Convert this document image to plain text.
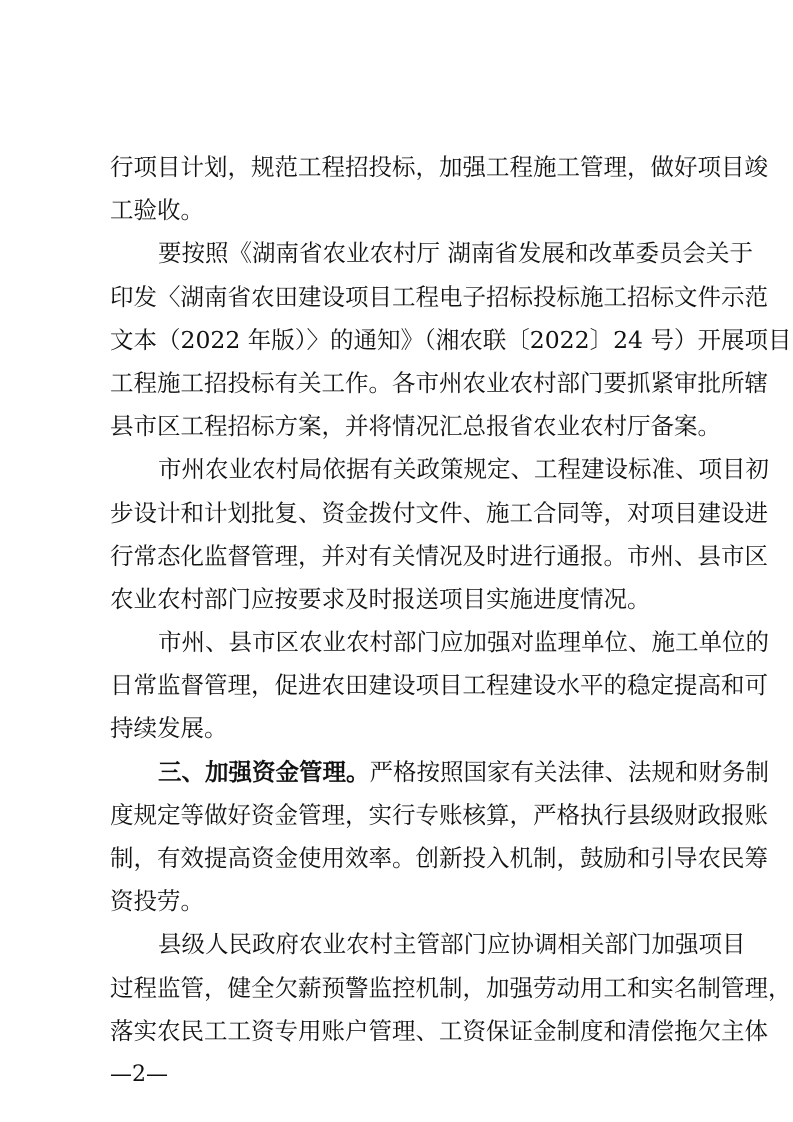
行项目计划，规范工程招投标，加强工程施工管理，做好项目竣
工验收。
要按照《湖南省农业农村厅 湖南省发展和改革委员会关于
印发〈湖南省农田建设项目工程电子招标投标施工招标文件示范
文本（2022 年版）〉的通知》（湘农联〔2022〕24 号）开展项目
工程施工招投标有关工作。各市州农业农村部门要抓紧审批所辖
县市区工程招标方案，并将情况汇总报省农业农村厅备案。
市州农业农村局依据有关政策规定、工程建设标准、项目初
步设计和计划批复、资金拨付文件、施工合同等，对项目建设进
行常态化监督管理，并对有关情况及时进行通报。市州、县市区
农业农村部门应按要求及时报送项目实施进度情况。
市州、县市区农业农村部门应加强对监理单位、施工单位的
日常监督管理，促进农田建设项目工程建设水平的稳定提高和可
持续发展。
三、加强资金管理。严格按照国家有关法律、法规和财务制
度规定等做好资金管理，实行专账核算，严格执行县级财政报账
制，有效提高资金使用效率。创新投入机制，鼓励和引导农民筹
资投劳。
县级人民政府农业农村主管部门应协调相关部门加强项目
过程监管，健全欠薪预警监控机制，加强劳动用工和实名制管理，
落实农民工工资专用账户管理、工资保证金制度和清偿拖欠主体
—2—
